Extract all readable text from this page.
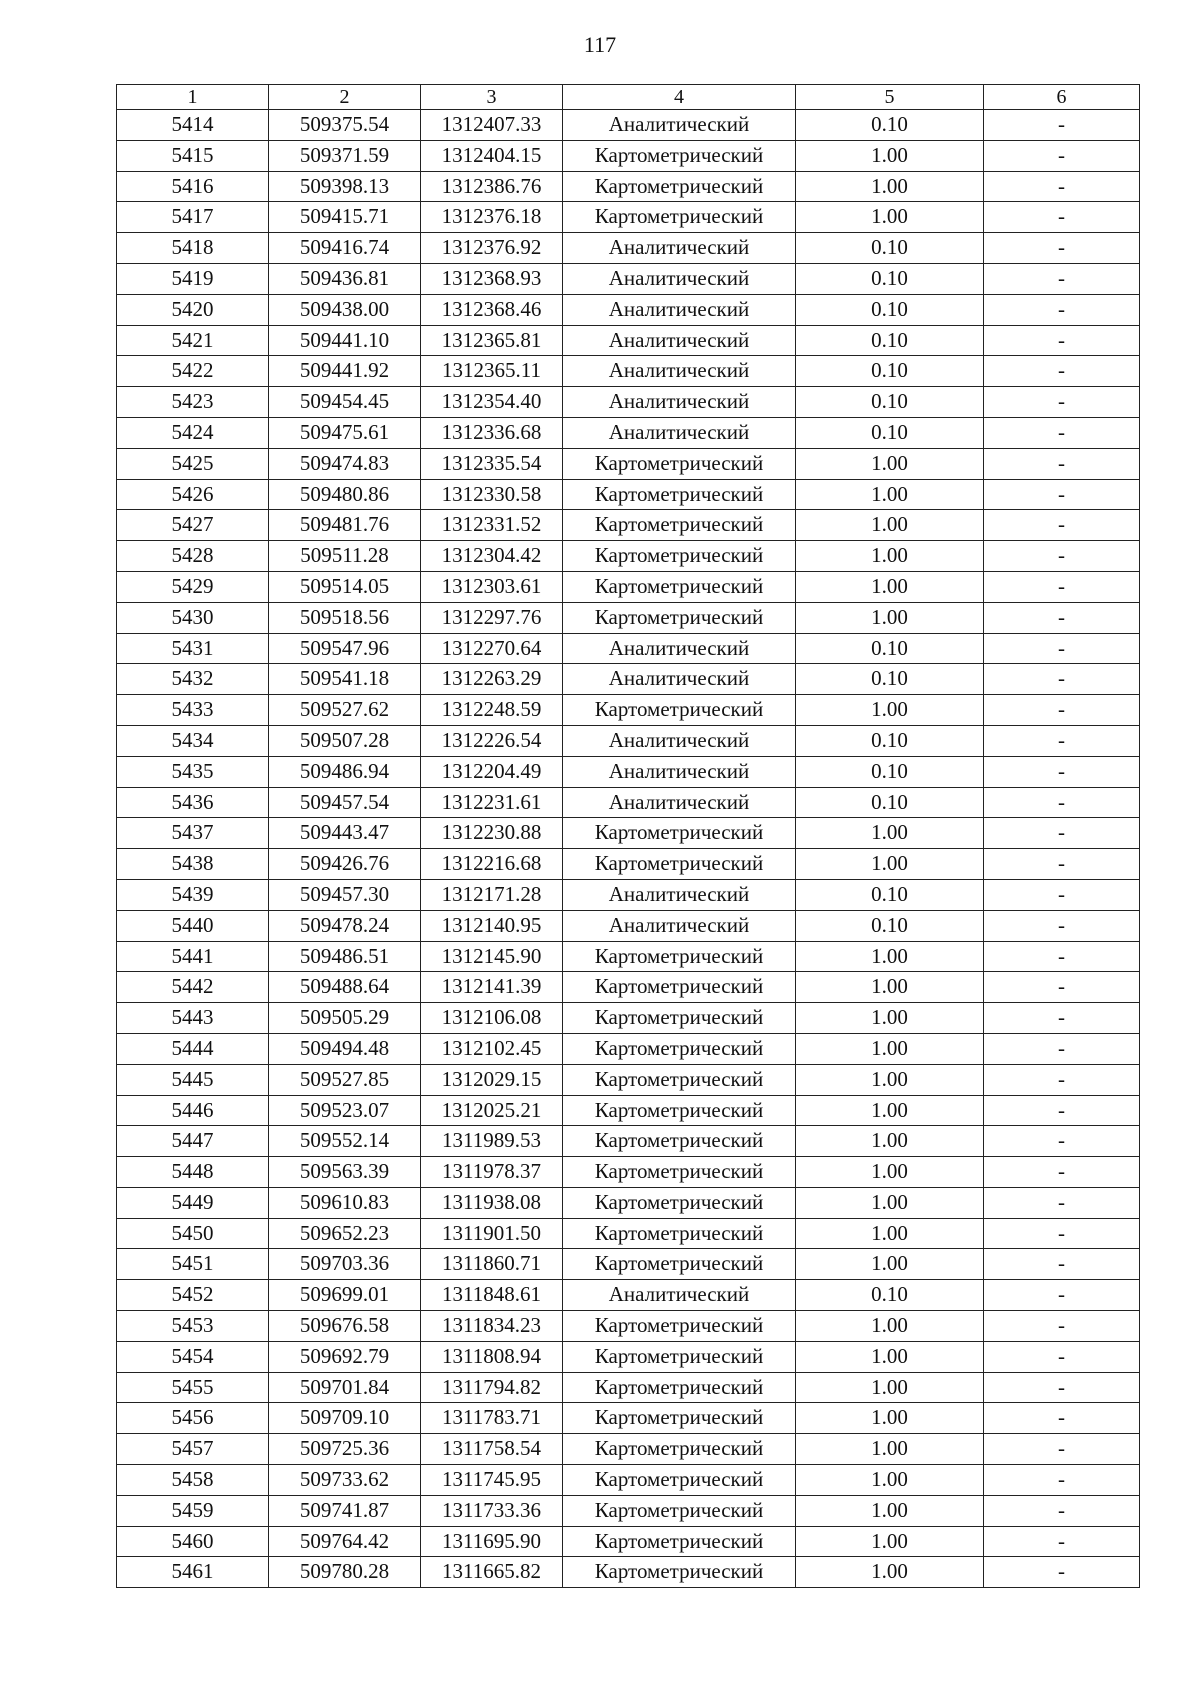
117
1	2	3	4	5	6
5414	509375.54	1312407.33	Аналитический	0.10	-
5415	509371.59	1312404.15	Картометрический	1.00	-
5416	509398.13	1312386.76	Картометрический	1.00	-
5417	509415.71	1312376.18	Картометрический	1.00	-
5418	509416.74	1312376.92	Аналитический	0.10	-
5419	509436.81	1312368.93	Аналитический	0.10	-
5420	509438.00	1312368.46	Аналитический	0.10	-
5421	509441.10	1312365.81	Аналитический	0.10	-
5422	509441.92	1312365.11	Аналитический	0.10	-
5423	509454.45	1312354.40	Аналитический	0.10	-
5424	509475.61	1312336.68	Аналитический	0.10	-
5425	509474.83	1312335.54	Картометрический	1.00	-
5426	509480.86	1312330.58	Картометрический	1.00	-
5427	509481.76	1312331.52	Картометрический	1.00	-
5428	509511.28	1312304.42	Картометрический	1.00	-
5429	509514.05	1312303.61	Картометрический	1.00	-
5430	509518.56	1312297.76	Картометрический	1.00	-
5431	509547.96	1312270.64	Аналитический	0.10	-
5432	509541.18	1312263.29	Аналитический	0.10	-
5433	509527.62	1312248.59	Картометрический	1.00	-
5434	509507.28	1312226.54	Аналитический	0.10	-
5435	509486.94	1312204.49	Аналитический	0.10	-
5436	509457.54	1312231.61	Аналитический	0.10	-
5437	509443.47	1312230.88	Картометрический	1.00	-
5438	509426.76	1312216.68	Картометрический	1.00	-
5439	509457.30	1312171.28	Аналитический	0.10	-
5440	509478.24	1312140.95	Аналитический	0.10	-
5441	509486.51	1312145.90	Картометрический	1.00	-
5442	509488.64	1312141.39	Картометрический	1.00	-
5443	509505.29	1312106.08	Картометрический	1.00	-
5444	509494.48	1312102.45	Картометрический	1.00	-
5445	509527.85	1312029.15	Картометрический	1.00	-
5446	509523.07	1312025.21	Картометрический	1.00	-
5447	509552.14	1311989.53	Картометрический	1.00	-
5448	509563.39	1311978.37	Картометрический	1.00	-
5449	509610.83	1311938.08	Картометрический	1.00	-
5450	509652.23	1311901.50	Картометрический	1.00	-
5451	509703.36	1311860.71	Картометрический	1.00	-
5452	509699.01	1311848.61	Аналитический	0.10	-
5453	509676.58	1311834.23	Картометрический	1.00	-
5454	509692.79	1311808.94	Картометрический	1.00	-
5455	509701.84	1311794.82	Картометрический	1.00	-
5456	509709.10	1311783.71	Картометрический	1.00	-
5457	509725.36	1311758.54	Картометрический	1.00	-
5458	509733.62	1311745.95	Картометрический	1.00	-
5459	509741.87	1311733.36	Картометрический	1.00	-
5460	509764.42	1311695.90	Картометрический	1.00	-
5461	509780.28	1311665.82	Картометрический	1.00	-
